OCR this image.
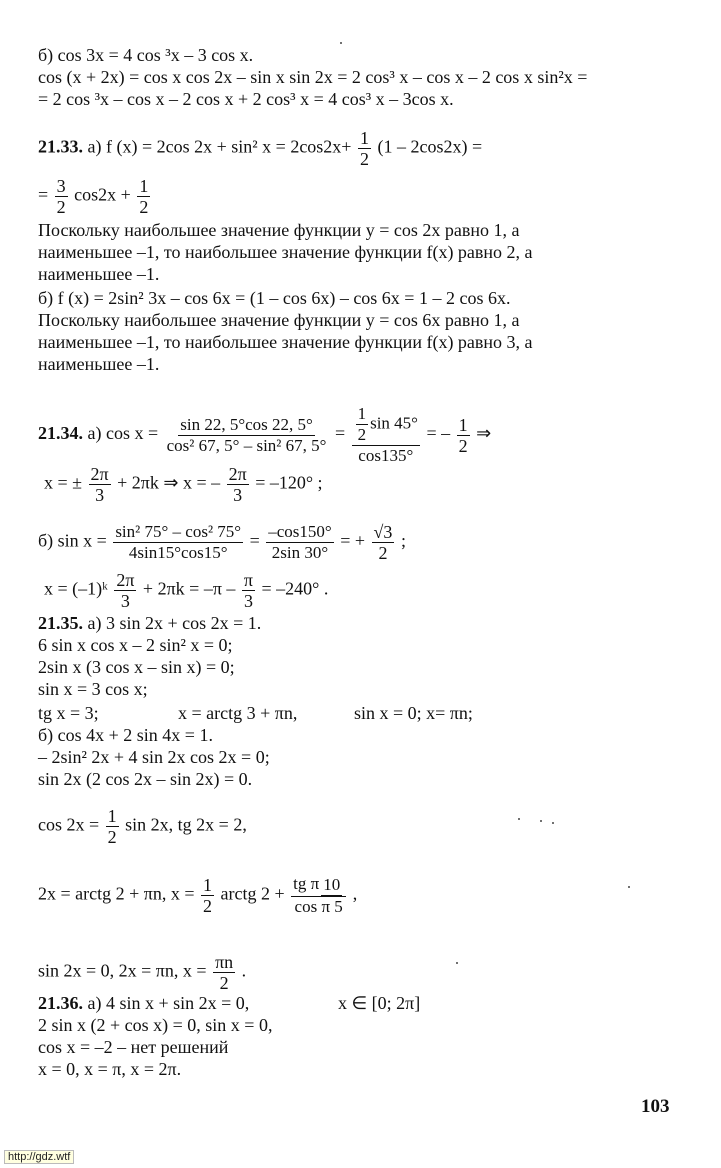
б) cos 3x = 4 cos ³x – 3 cos x.
cos (x + 2x) = cos x cos 2x – sin x sin 2x = 2 cos³ x – cos x – 2 cos x sin²x =
= 2 cos ³x – cos x – 2 cos x + 2 cos³ x = 4 cos³ x – 3cos x.
21.33. а) f (x) = 2cos 2x + sin² $x = 2\cos 2x+ \frac{1}{2} (1 - 2\cos 2x)$ =
= $\frac{3}{2} \cos 2x + \frac{1}{2}$
Поскольку наибольшее значение функции y = cos 2x равно 1, а
наименьшее –1, то наибольшее значение функции f(x) равно 2, а
наименьшее –1.
б) f (x) = 2sin² 3x – cos 6x = (1 – cos 6x) – cos 6x = 1 – 2 cos 6x.
Поскольку наибольшее значение функции y = cos 6x равно 1, а
наименьшее –1, то наибольшее значение функции f(x) равно 3, а
наименьшее –1.
21.34. а) $\cos x = \frac{\sin 22, 5^\circ\cos 22, 5^\circ}{\text{cos² 67, 5° – sin² 67, 5°}} = \frac{\frac{1}{2} \sin 45^\circ}{\cos 135^\circ}$ = – $\frac{1}{2}$ ⇒
x = ± $\frac{2\pi}{3} + 2\pi k$ ⇒ x = – $\frac{2\pi}{3} = -120^\circ$ ;
б) $\sin x = \frac{\text{sin² 75° – cos² 75°}}{4\sin 15^\circ\cos 15^\circ} = \frac{-\cos 150^\circ}{2\sin 30^\circ}$ = + $\frac{√3}{2}$ ;
x = (–1)ᵏ $\frac{2\pi}{3} + 2\pi k = -\pi - \frac{\pi}{3} = -240^\circ$ .
21.35. а) 3 sin 2x + cos 2x = 1.
6 sin x cos x – 2 sin² x = 0;
2sin x (3 cos x – sin x) = 0;
sin x = 3 cos x;
tg x = 3;	x = arctg 3 + πn,	sin x = 0; x= πn;
б) cos 4x + 2 sin 4x = 1.
– 2sin² 2x + 4 sin 2x cos 2x = 0;
sin 2x (2 cos 2x – sin 2x) = 0.
$\cos 2x = \frac{1}{2}$ sin 2x, tg 2x = 2,
2x = arctg 2 + πn, $x = \frac{1}{2}$ arctg $2 + \frac{\text{tg π 10}}{\text{cos π 5}}$ ,
sin 2x = 0, 2x = πn, $x = \frac{\pi n}{2}$ .
21.36. а) 4 sin x + sin 2x = 0,	x ∈ [0; 2π]
2 sin x (2 + cos x) = 0, sin x = 0,
cos x = –2 – нет решений
x = 0, x = π, x = 2π.
103
http://gdz.wtf
